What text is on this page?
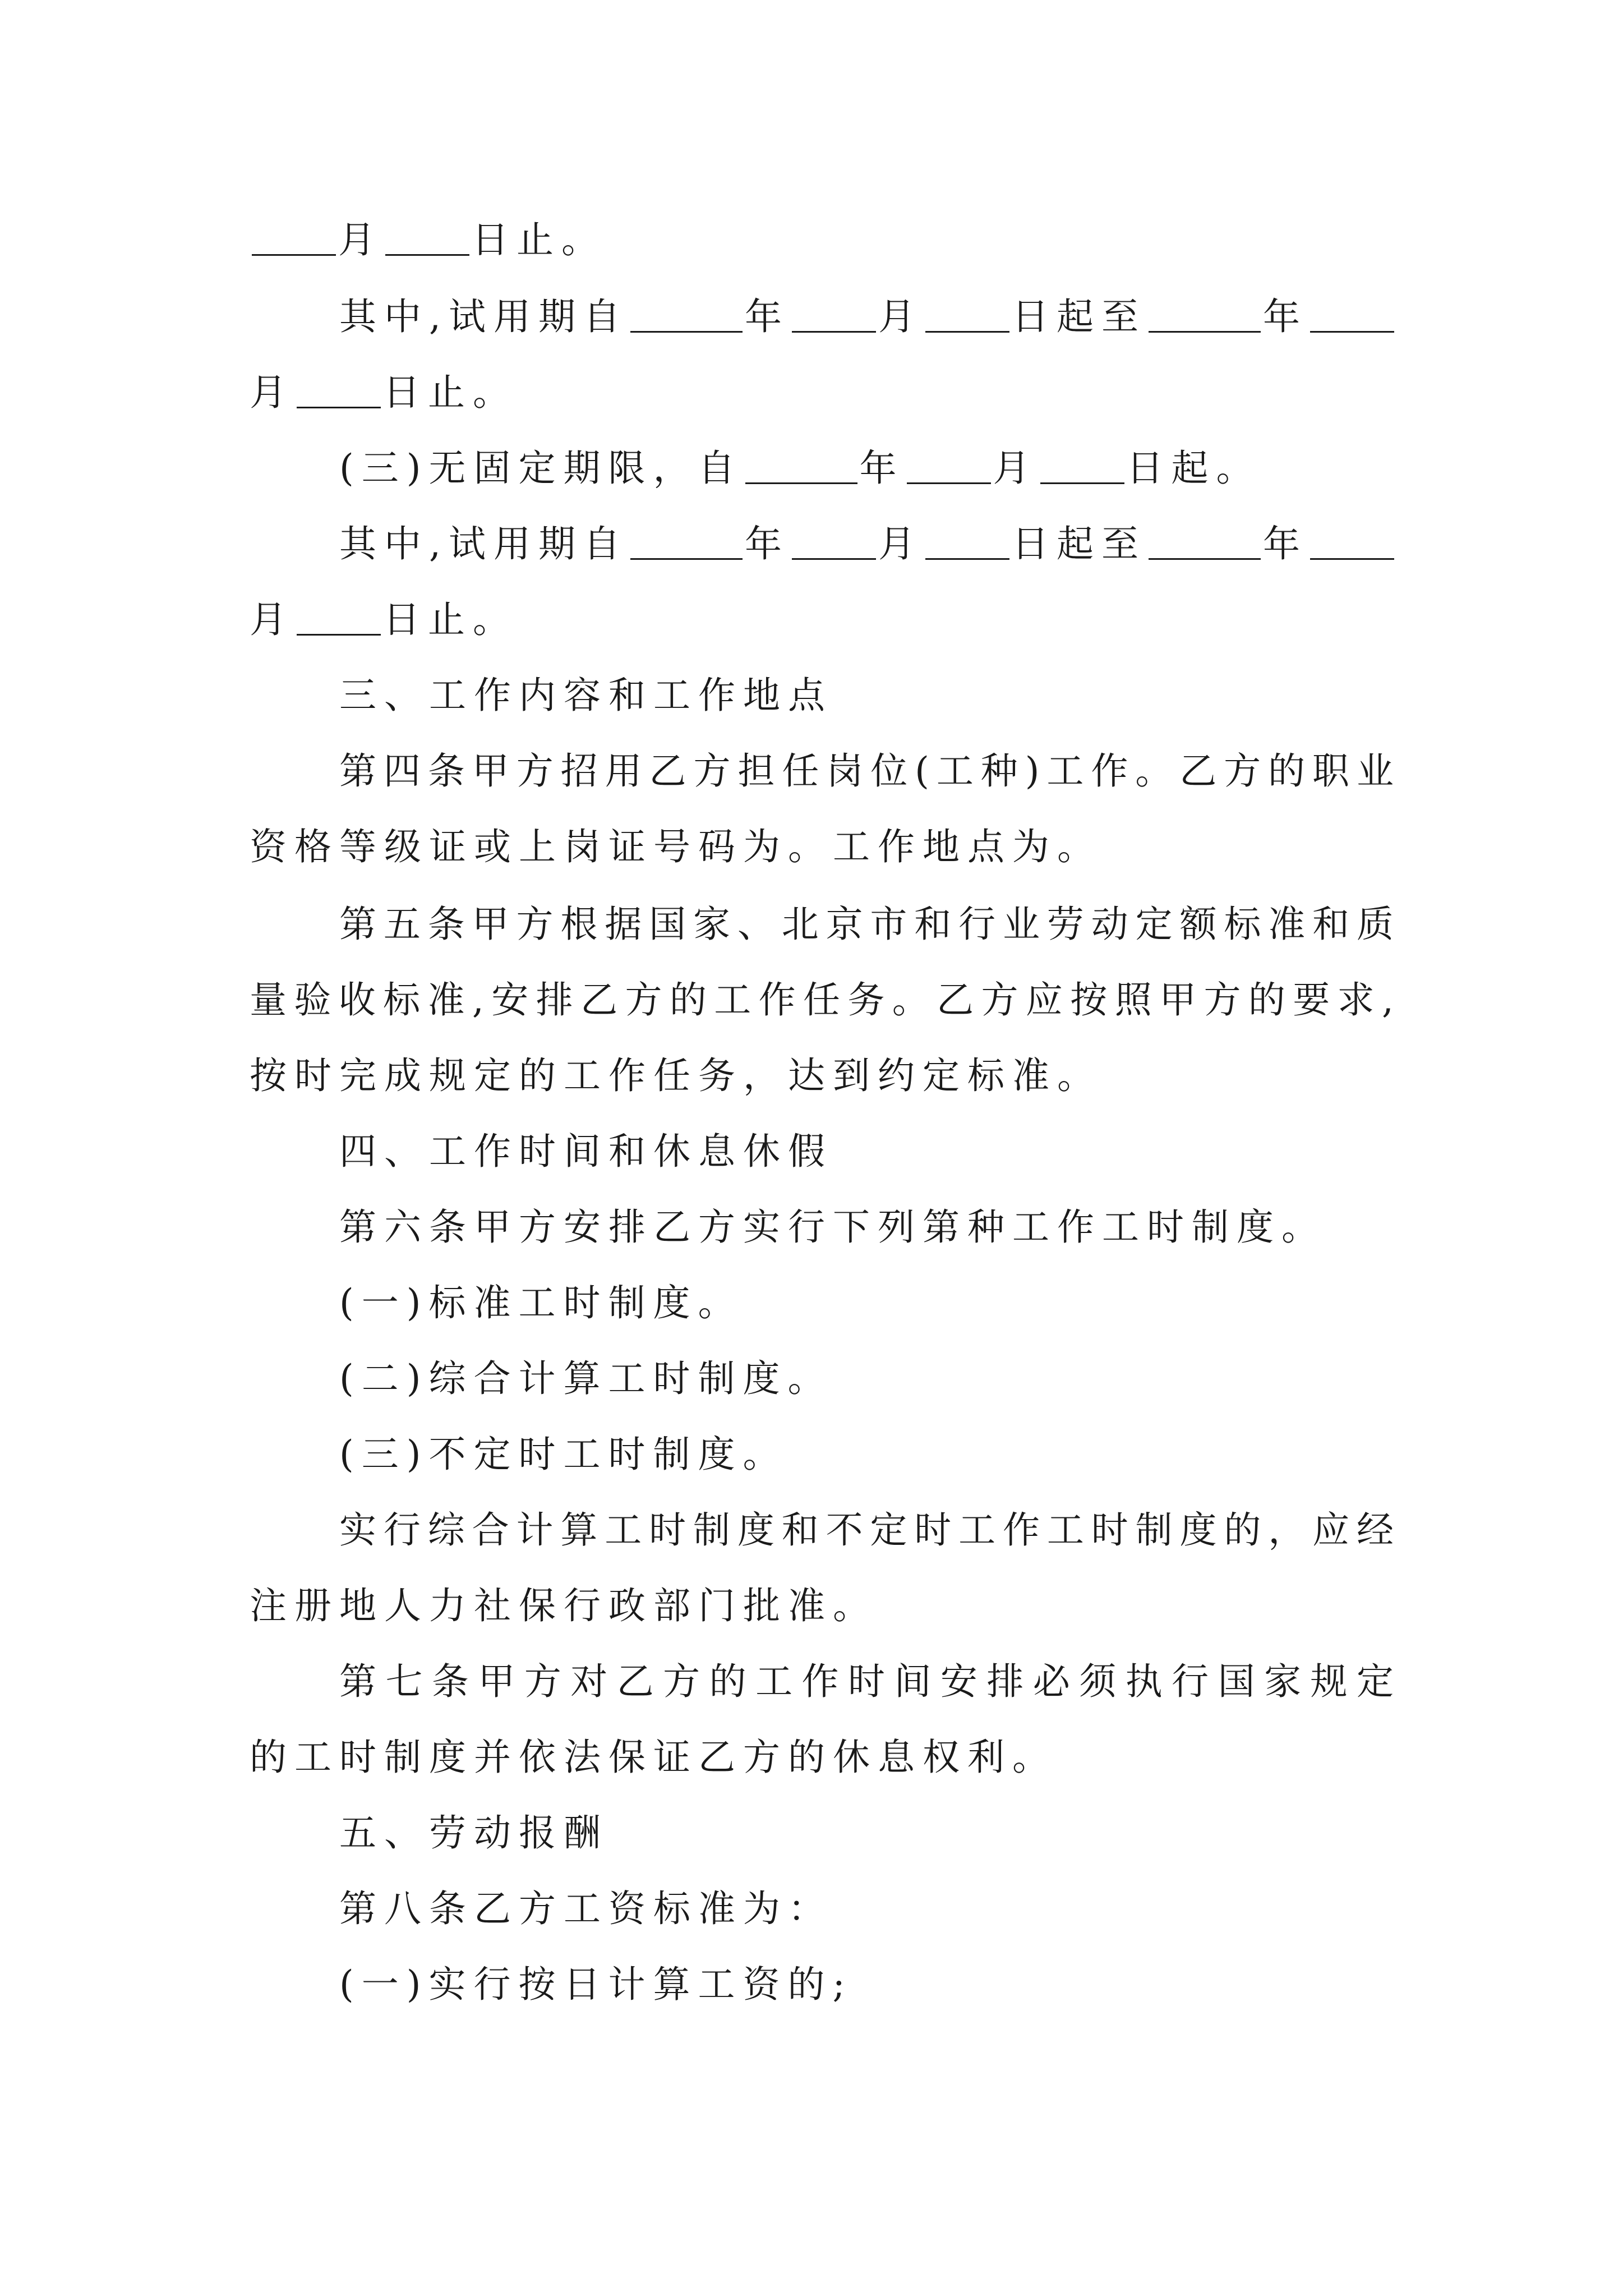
月 日止。
其中,试用期自	年 月 日起至	年
月 日止。
(三)无固定期限，自	年 月 日起。
其中,试用期自	年 月 日起至	年
月 日止。
三、工作内容和工作地点
第四条甲方招用乙方担任岗位(工种)工作。乙方的职业
资格等级证或上岗证号码为。工作地点为。
第五条甲方根据国家、北京市和行业劳动定额标准和质
量验收标准,安排乙方的工作任务。乙方应按照甲方的要求,
按时完成规定的工作任务，达到约定标准。
四、工作时间和休息休假
第六条甲方安排乙方实行下列第种工作工时制度。
(一)标准工时制度。
(二)综合计算工时制度。
(三)不定时工时制度。
实行综合计算工时制度和不定时工作工时制度的，应经
注册地人力社保行政部门批准。
第七条甲方对乙方的工作时间安排必须执行国家规定
的工时制度并依法保证乙方的休息权利。
五、劳动报酬
第八条乙方工资标准为：
(一)实行按日计算工资的;
